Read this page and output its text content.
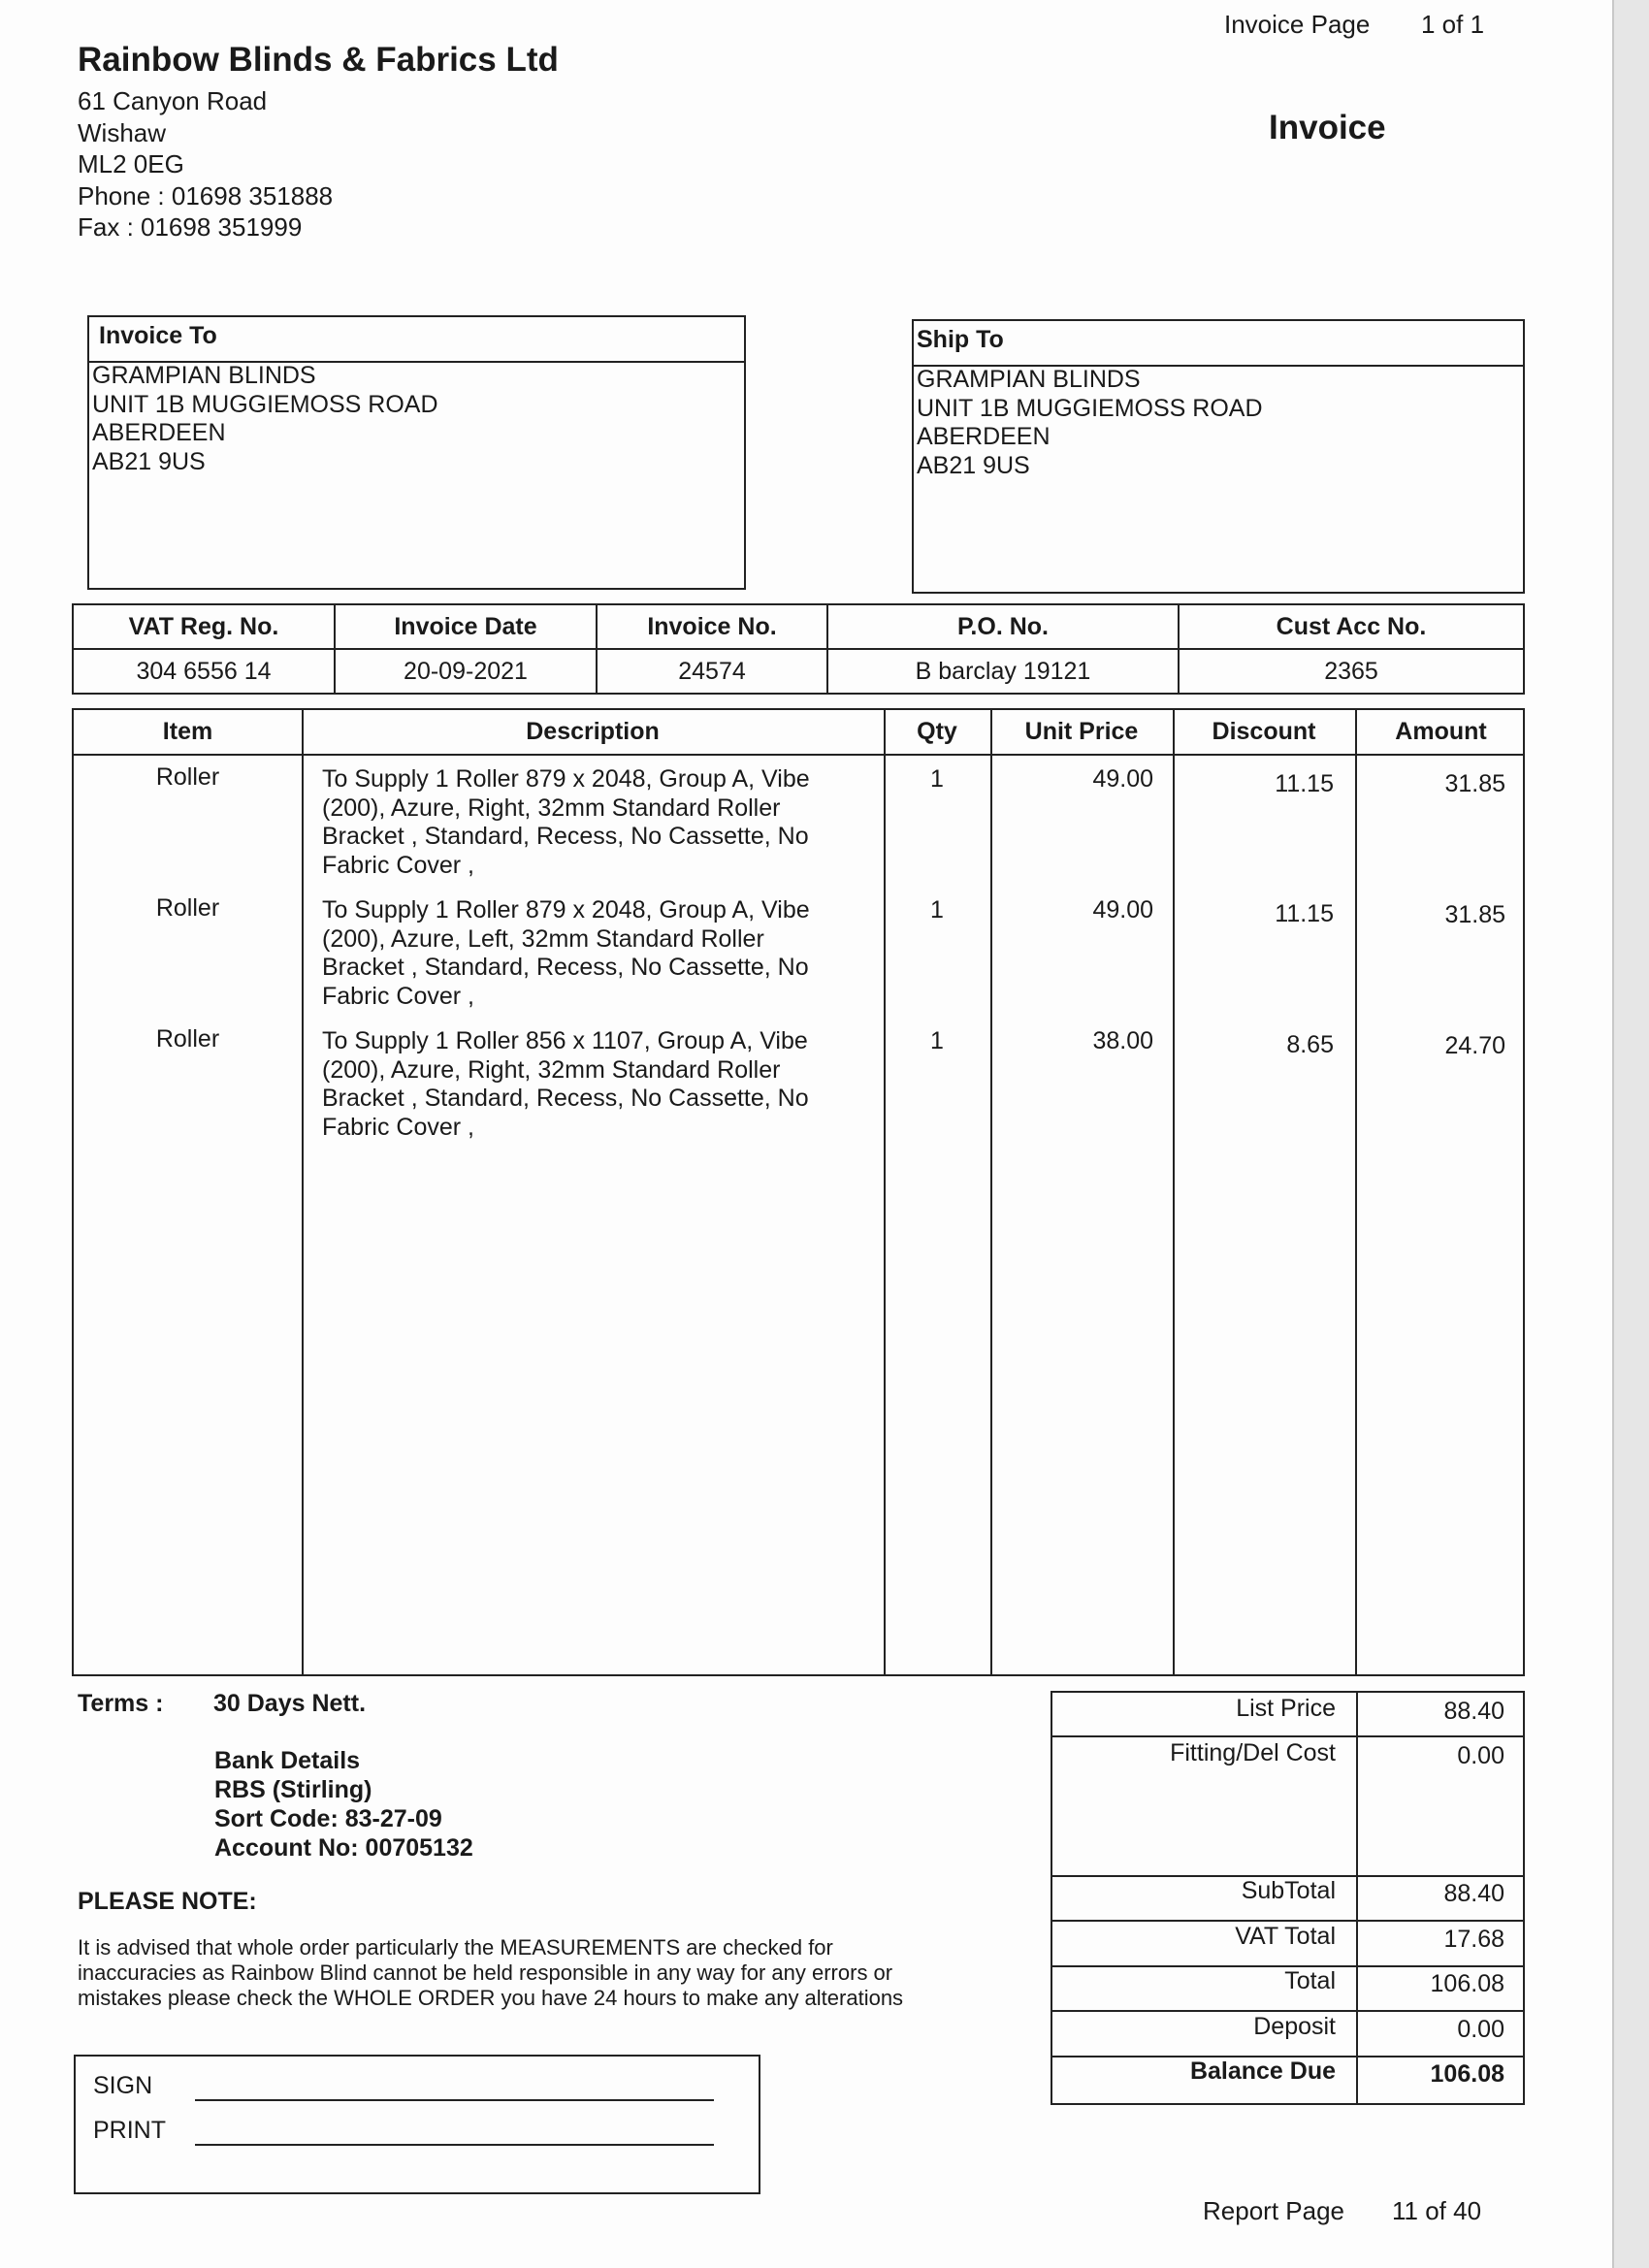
Rainbow Blinds & Fabrics Ltd
61 Canyon Road
Wishaw
ML2 0EG
Phone : 01698 351888
Fax : 01698 351999
Invoice Page 1 of 1
Invoice
Invoice To
GRAMPIAN BLINDS
UNIT 1B MUGGIEMOSS ROAD
ABERDEEN
AB21 9US
Ship To
GRAMPIAN BLINDS
UNIT 1B MUGGIEMOSS ROAD
ABERDEEN
AB21 9US
VAT Reg. No.	Invoice Date	Invoice No.	P.O. No.	Cust Acc No.
304 6556 14	20-09-2021	24574	B barclay 19121	2365
Item	Description	Qty	Unit Price	Discount	Amount
Roller	To Supply 1 Roller 879 x 2048, Group A, Vibe
(200), Azure, Right, 32mm Standard Roller
Bracket , Standard, Recess, No Cassette, No
Fabric Cover ,
1	49.00	11.15	31.85
Roller	To Supply 1 Roller 879 x 2048, Group A, Vibe
(200), Azure, Left, 32mm Standard Roller
Bracket , Standard, Recess, No Cassette, No
Fabric Cover ,
1	49.00	11.15	31.85
Roller	To Supply 1 Roller 856 x 1107, Group A, Vibe
(200), Azure, Right, 32mm Standard Roller
Bracket , Standard, Recess, No Cassette, No
Fabric Cover ,
1	38.00	8.65	24.70
Terms : 30 Days Nett.
Bank Details
RBS (Stirling)
Sort Code: 83-27-09
Account No: 00705132
PLEASE NOTE:
It is advised that whole order particularly the MEASUREMENTS are checked for
inaccuracies as Rainbow Blind cannot be held responsible in any way for any errors or
mistakes please check the WHOLE ORDER you have 24 hours to make any alterations
SIGN
PRINT
List Price	88.40
Fitting/Del Cost	0.00
SubTotal	88.40
VAT Total	17.68
Total	106.08
Deposit	0.00
Balance Due	106.08
Report Page 11 of 40
